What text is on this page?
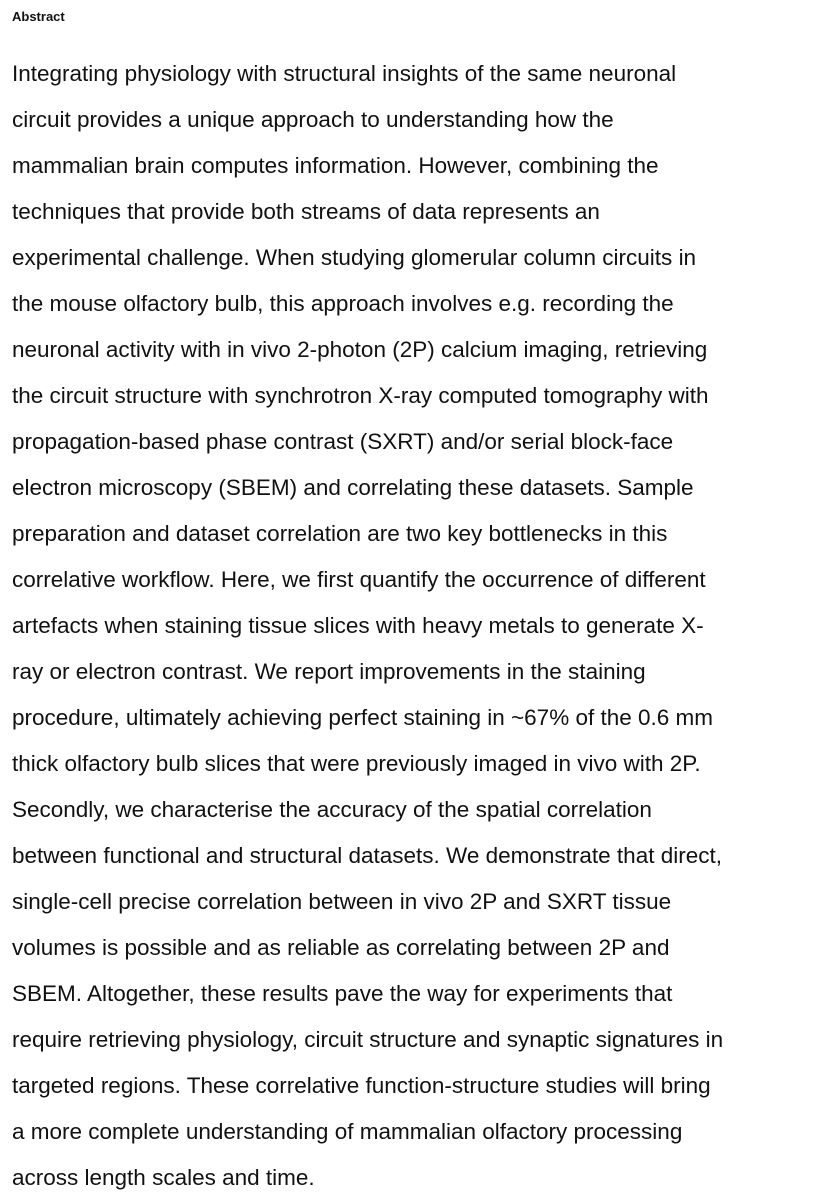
Abstract
Integrating physiology with structural insights of the same neuronal
circuit provides a unique approach to understanding how the
mammalian brain computes information. However, combining the
techniques that provide both streams of data represents an
experimental challenge. When studying glomerular column circuits in
the mouse olfactory bulb, this approach involves e.g. recording the
neuronal activity with in vivo 2-photon (2P) calcium imaging, retrieving
the circuit structure with synchrotron X-ray computed tomography with
propagation-based phase contrast (SXRT) and/or serial block-face
electron microscopy (SBEM) and correlating these datasets. Sample
preparation and dataset correlation are two key bottlenecks in this
correlative workflow. Here, we first quantify the occurrence of different
artefacts when staining tissue slices with heavy metals to generate X-
ray or electron contrast. We report improvements in the staining
procedure, ultimately achieving perfect staining in ~67% of the 0.6 mm
thick olfactory bulb slices that were previously imaged in vivo with 2P.
Secondly, we characterise the accuracy of the spatial correlation
between functional and structural datasets. We demonstrate that direct,
single-cell precise correlation between in vivo 2P and SXRT tissue
volumes is possible and as reliable as correlating between 2P and
SBEM. Altogether, these results pave the way for experiments that
require retrieving physiology, circuit structure and synaptic signatures in
targeted regions. These correlative function-structure studies will bring
a more complete understanding of mammalian olfactory processing
across length scales and time.
